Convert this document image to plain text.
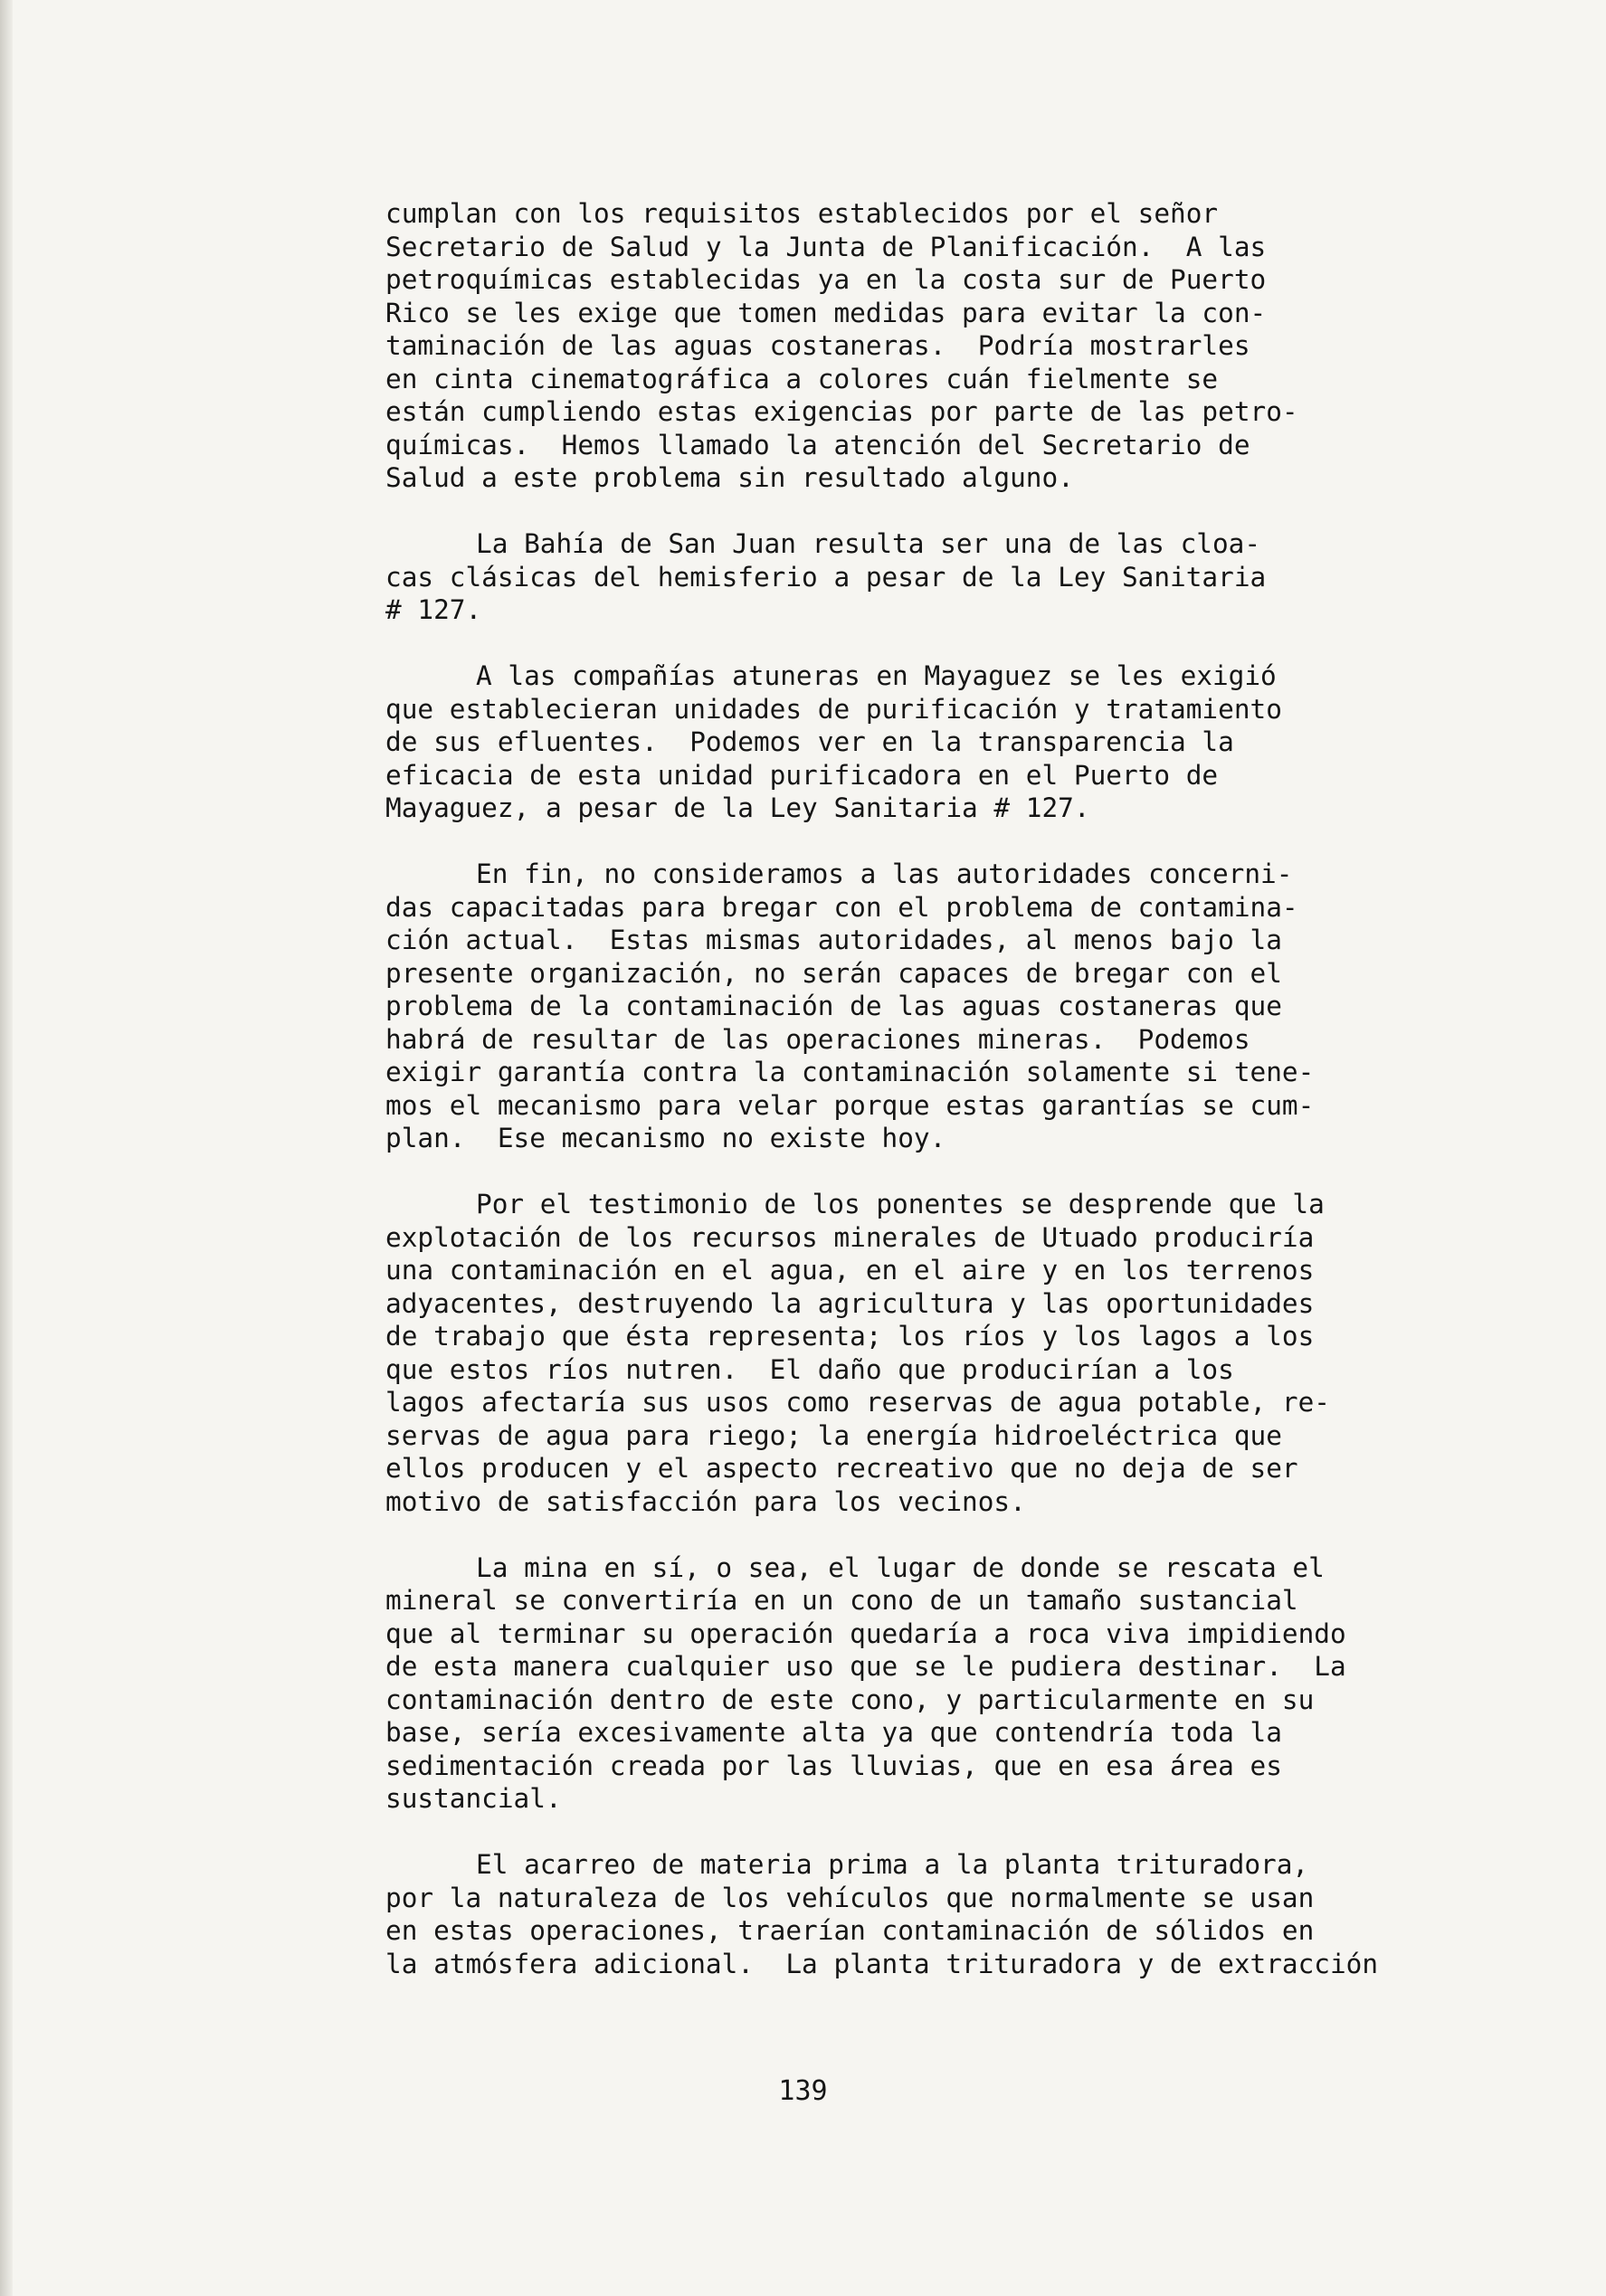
cumplan con los requisitos establecidos por el señor
Secretario de Salud y la Junta de Planificación.  A las
petroquímicas establecidas ya en la costa sur de Puerto
Rico se les exige que tomen medidas para evitar la con-
taminación de las aguas costaneras.  Podría mostrarles
en cinta cinematográfica a colores cuán fielmente se
están cumpliendo estas exigencias por parte de las petro-
químicas.  Hemos llamado la atención del Secretario de
Salud a este problema sin resultado alguno.

La Bahía de San Juan resulta ser una de las cloa-
cas clásicas del hemisferio a pesar de la Ley Sanitaria
# 127.

A las compañías atuneras en Mayaguez se les exigió
que establecieran unidades de purificación y tratamiento
de sus efluentes.  Podemos ver en la transparencia la
eficacia de esta unidad purificadora en el Puerto de
Mayaguez, a pesar de la Ley Sanitaria # 127.

En fin, no consideramos a las autoridades concerni-
das capacitadas para bregar con el problema de contamina-
ción actual.  Estas mismas autoridades, al menos bajo la
presente organización, no serán capaces de bregar con el
problema de la contaminación de las aguas costaneras que
habrá de resultar de las operaciones mineras.  Podemos
exigir garantía contra la contaminación solamente si tene-
mos el mecanismo para velar porque estas garantías se cum-
plan.  Ese mecanismo no existe hoy.

Por el testimonio de los ponentes se desprende que la
explotación de los recursos minerales de Utuado produciría
una contaminación en el agua, en el aire y en los terrenos
adyacentes, destruyendo la agricultura y las oportunidades
de trabajo que ésta representa; los ríos y los lagos a los
que estos ríos nutren.  El daño que producirían a los
lagos afectaría sus usos como reservas de agua potable, re-
servas de agua para riego; la energía hidroeléctrica que
ellos producen y el aspecto recreativo que no deja de ser
motivo de satisfacción para los vecinos.

La mina en sí, o sea, el lugar de donde se rescata el
mineral se convertiría en un cono de un tamaño sustancial
que al terminar su operación quedaría a roca viva impidiendo
de esta manera cualquier uso que se le pudiera destinar.  La
contaminación dentro de este cono, y particularmente en su
base, sería excesivamente alta ya que contendría toda la
sedimentación creada por las lluvias, que en esa área es
sustancial.

El acarreo de materia prima a la planta trituradora,
por la naturaleza de los vehículos que normalmente se usan
en estas operaciones, traerían contaminación de sólidos en
la atmósfera adicional.  La planta trituradora y de extracción

139
